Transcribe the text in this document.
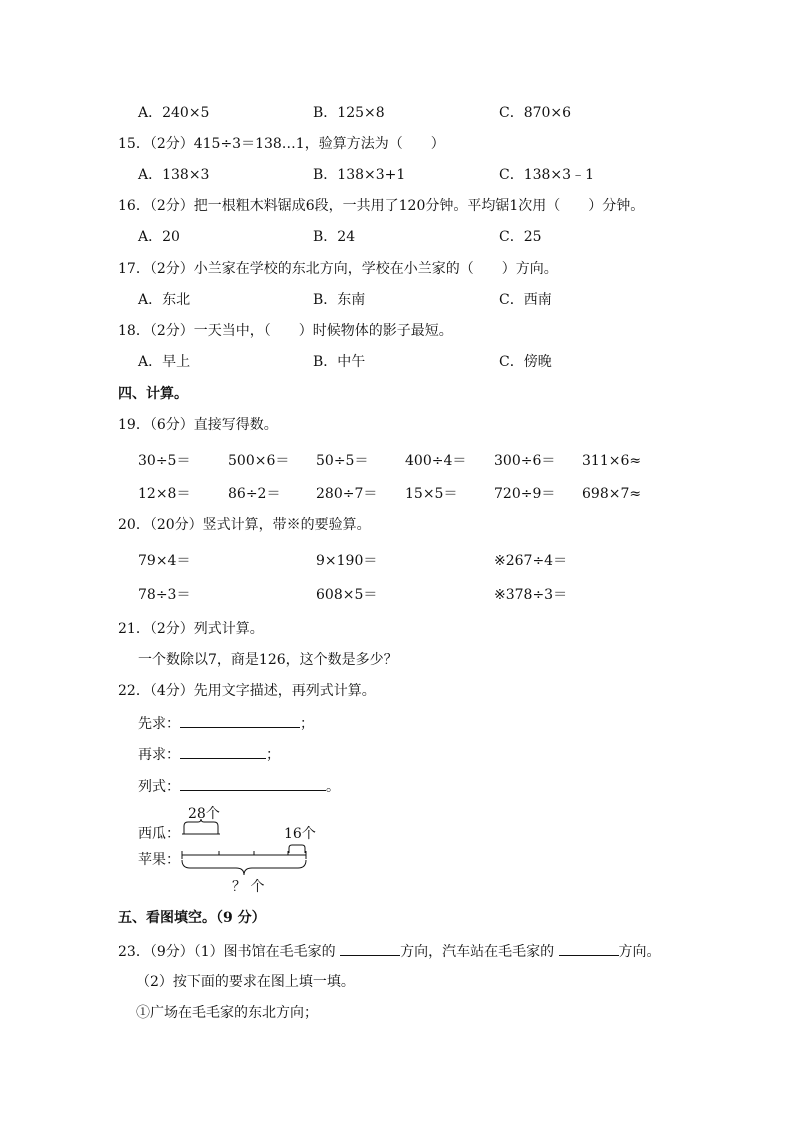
A．240×5	B．125×8	C．870×6
15．（2分）415÷3＝138…1，验算方法为（　　）
A．138×3	B．138×3+1	C．138×3﹣1
16．（2分）把一根粗木料锯成6段，一共用了120分钟。平均锯1次用（　　）分钟。
A．20	B．24	C．25
17．（2分）小兰家在学校的东北方向，学校在小兰家的（　　）方向。
A．东北	B．东南	C．西南
18．（2分）一天当中，（　　）时候物体的影子最短。
A．早上	B．中午	C．傍晚
四、计算。
19．（6分）直接写得数。
30÷5＝	500×6＝ 50÷5＝	400÷4＝ 300÷6＝ 311×6≈
12×8＝	86÷2＝	280÷7＝ 15×5＝	720÷9＝ 698×7≈
20．（20分）竖式计算，带※的要验算。
79×4＝	9×190＝	※267÷4＝
78÷3＝	608×5＝	※378÷3＝
21．（2分）列式计算。
一个数除以7，商是126，这个数是多少？
22．（4分）先用文字描述，再列式计算。
先求：	；
再求：	；
列式：	。
西瓜：
28个
16个
苹果：
？ 个
五、看图填空。（9 分）
23．（9分）（1）图书馆在毛毛家的	方向，汽车站在毛毛家的	方向。
（2）按下面的要求在图上填一填。
①广场在毛毛家的东北方向；
